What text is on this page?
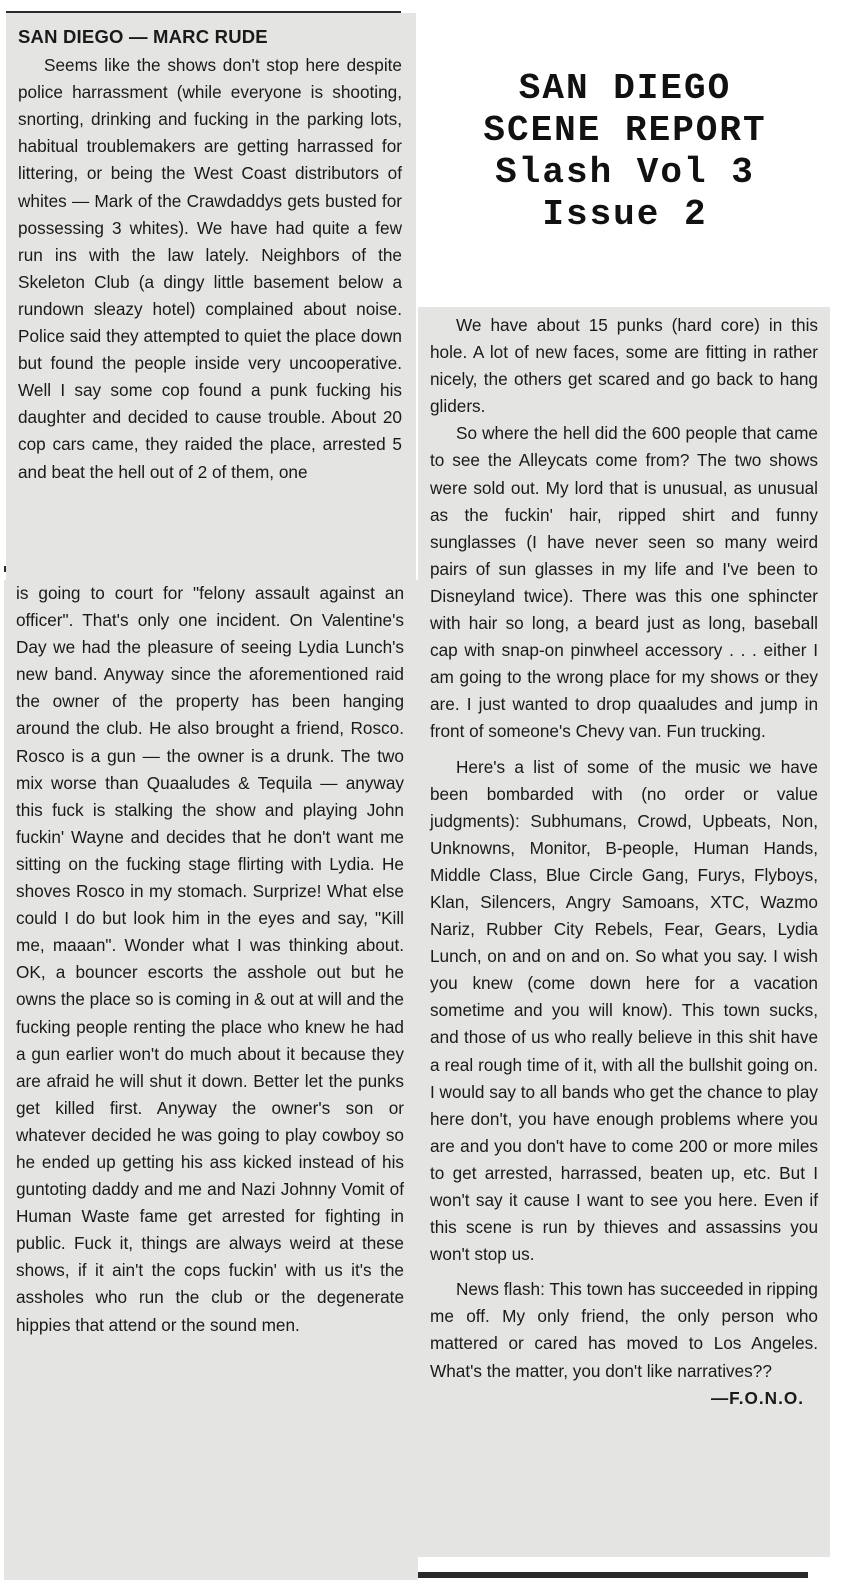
SAN DIEGO
SCENE REPORT
Slash Vol 3
Issue 2

SAN DIEGO — MARC RUDE

Seems like the shows don't stop here despite police harrassment (while everyone is shooting, snorting, drinking and fucking in the parking lots, habitual troublemakers are getting harrassed for littering, or being the West Coast distributors of whites — Mark of the Crawdaddys gets busted for possessing 3 whites). We have had quite a few run ins with the law lately. Neighbors of the Skeleton Club (a dingy little basement below a rundown sleazy hotel) complained about noise. Police said they attempted to quiet the place down but found the people inside very uncooperative. Well I say some cop found a punk fucking his daughter and decided to cause trouble. About 20 cop cars came, they raided the place, arrested 5 and beat the hell out of 2 of them, one

is going to court for "felony assault against an officer". That's only one incident. On Valentine's Day we had the pleasure of seeing Lydia Lunch's new band. Anyway since the aforementioned raid the owner of the property has been hanging around the club. He also brought a friend, Rosco. Rosco is a gun — the owner is a drunk. The two mix worse than Quaaludes & Tequila — anyway this fuck is stalking the show and playing John fuckin' Wayne and decides that he don't want me sitting on the fucking stage flirting with Lydia. He shoves Rosco in my stomach. Surprize! What else could I do but look him in the eyes and say, "Kill me, maaan". Wonder what I was thinking about. OK, a bouncer escorts the asshole out but he owns the place so is coming in & out at will and the fucking people renting the place who knew he had a gun earlier won't do much about it because they are afraid he will shut it down. Better let the punks get killed first. Anyway the owner's son or whatever decided he was going to play cowboy so he ended up getting his ass kicked instead of his guntoting daddy and me and Nazi Johnny Vomit of Human Waste fame get arrested for fighting in public. Fuck it, things are always weird at these shows, if it ain't the cops fuckin' with us it's the assholes who run the club or the degenerate hippies that attend or the sound men.

We have about 15 punks (hard core) in this hole. A lot of new faces, some are fitting in rather nicely, the others get scared and go back to hang gliders.

So where the hell did the 600 people that came to see the Alleycats come from? The two shows were sold out. My lord that is unusual, as unusual as the fuckin' hair, ripped shirt and funny sunglasses (I have never seen so many weird pairs of sun glasses in my life and I've been to Disneyland twice). There was this one sphincter with hair so long, a beard just as long, baseball cap with snap-on pinwheel accessory . . . either I am going to the wrong place for my shows or they are. I just wanted to drop quaaludes and jump in front of someone's Chevy van. Fun trucking.

Here's a list of some of the music we have been bombarded with (no order or value judgments): Subhumans, Crowd, Upbeats, Non, Unknowns, Monitor, B-people, Human Hands, Middle Class, Blue Circle Gang, Furys, Flyboys, Klan, Silencers, Angry Samoans, XTC, Wazmo Nariz, Rubber City Rebels, Fear, Gears, Lydia Lunch, on and on and on. So what you say. I wish you knew (come down here for a vacation sometime and you will know). This town sucks, and those of us who really believe in this shit have a real rough time of it, with all the bullshit going on. I would say to all bands who get the chance to play here don't, you have enough problems where you are and you don't have to come 200 or more miles to get arrested, harrassed, beaten up, etc. But I won't say it cause I want to see you here. Even if this scene is run by thieves and assassins you won't stop us.

News flash: This town has succeeded in ripping me off. My only friend, the only person who mattered or cared has moved to Los Angeles. What's the matter, you don't like narratives??

—F.O.N.O.
